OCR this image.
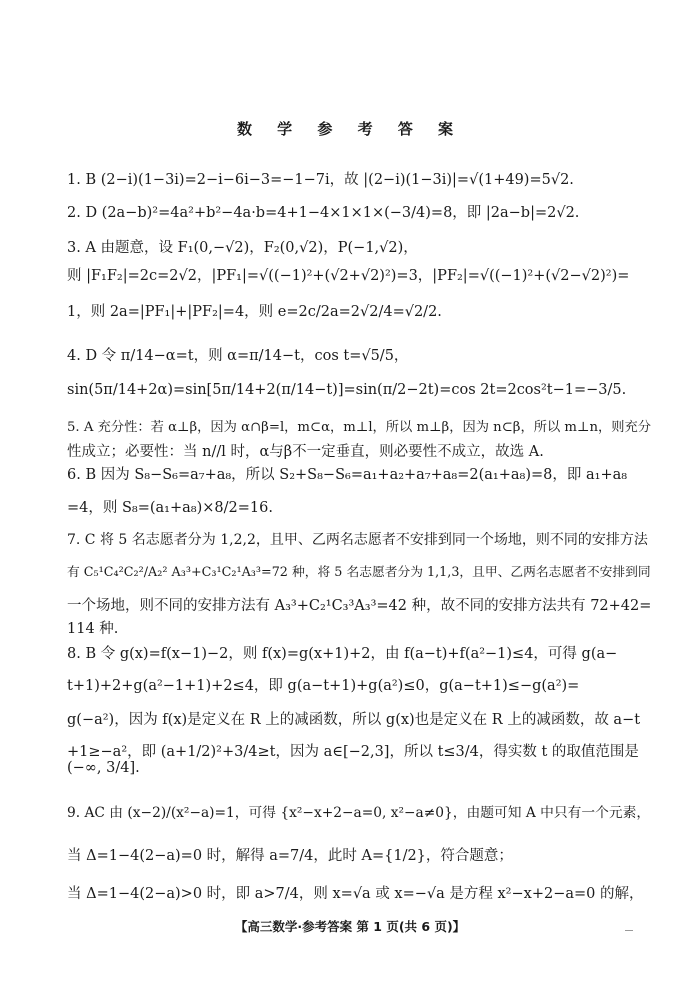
数 学 参 考 答 案
1. B (2−i)(1−3i)=2−i−6i−3=−1−7i，故 |(2−i)(1−3i)|=√(1+49)=5√2.
2. D (2a−b)²=4a²+b²−4a·b=4+1−4×1×1×(−3/4)=8，即 |2a−b|=2√2.
3. A 由题意，设 F₁(0,−√2)，F₂(0,√2)，P(−1,√2)，
则 |F₁F₂|=2c=2√2，|PF₁|=√((−1)²+(√2+√2)²)=3，|PF₂|=√((−1)²+(√2−√2)²)=
1，则 2a=|PF₁|+|PF₂|=4，则 e=2c/2a=2√2/4=√2/2.
4. D 令 π/14−α=t，则 α=π/14−t，cos t=√5/5，
sin(5π/14+2α)=sin[5π/14+2(π/14−t)]=sin(π/2−2t)=cos 2t=2cos²t−1=−3/5.
5. A 充分性：若 α⊥β，因为 α∩β=l，m⊂α，m⊥l，所以 m⊥β，因为 n⊂β，所以 m⊥n，则充分
性成立；必要性：当 n//l 时，α与β不一定垂直，则必要性不成立，故选 A.
6. B 因为 S₈−S₆=a₇+a₈，所以 S₂+S₈−S₆=a₁+a₂+a₇+a₈=2(a₁+a₈)=8，即 a₁+a₈
=4，则 S₈=(a₁+a₈)×8/2=16.
7. C 将 5 名志愿者分为 1,2,2，且甲、乙两名志愿者不安排到同一个场地，则不同的安排方法
有 C₅¹C₄²C₂²/A₂² A₃³+C₃¹C₂¹A₃³=72 种，将 5 名志愿者分为 1,1,3，且甲、乙两名志愿者不安排到同
一个场地，则不同的安排方法有 A₃³+C₂¹C₃³A₃³=42 种，故不同的安排方法共有 72+42=
114 种.
8. B 令 g(x)=f(x−1)−2，则 f(x)=g(x+1)+2，由 f(a−t)+f(a²−1)≤4，可得 g(a−
t+1)+2+g(a²−1+1)+2≤4，即 g(a−t+1)+g(a²)≤0，g(a−t+1)≤−g(a²)=
g(−a²)，因为 f(x)是定义在 R 上的减函数，所以 g(x)也是定义在 R 上的减函数，故 a−t
+1≥−a²，即 (a+1/2)²+3/4≥t，因为 a∈[−2,3]，所以 t≤3/4，得实数 t 的取值范围是
(−∞, 3/4].
9. AC 由 (x−2)/(x²−a)=1，可得 {x²−x+2−a=0, x²−a≠0}，由题可知 A 中只有一个元素，
当 Δ=1−4(2−a)=0 时，解得 a=7/4，此时 A={1/2}，符合题意；
当 Δ=1−4(2−a)>0 时，即 a>7/4，则 x=√a 或 x=−√a 是方程 x²−x+2−a=0 的解，
【高三数学·参考答案 第 1 页(共 6 页)】
